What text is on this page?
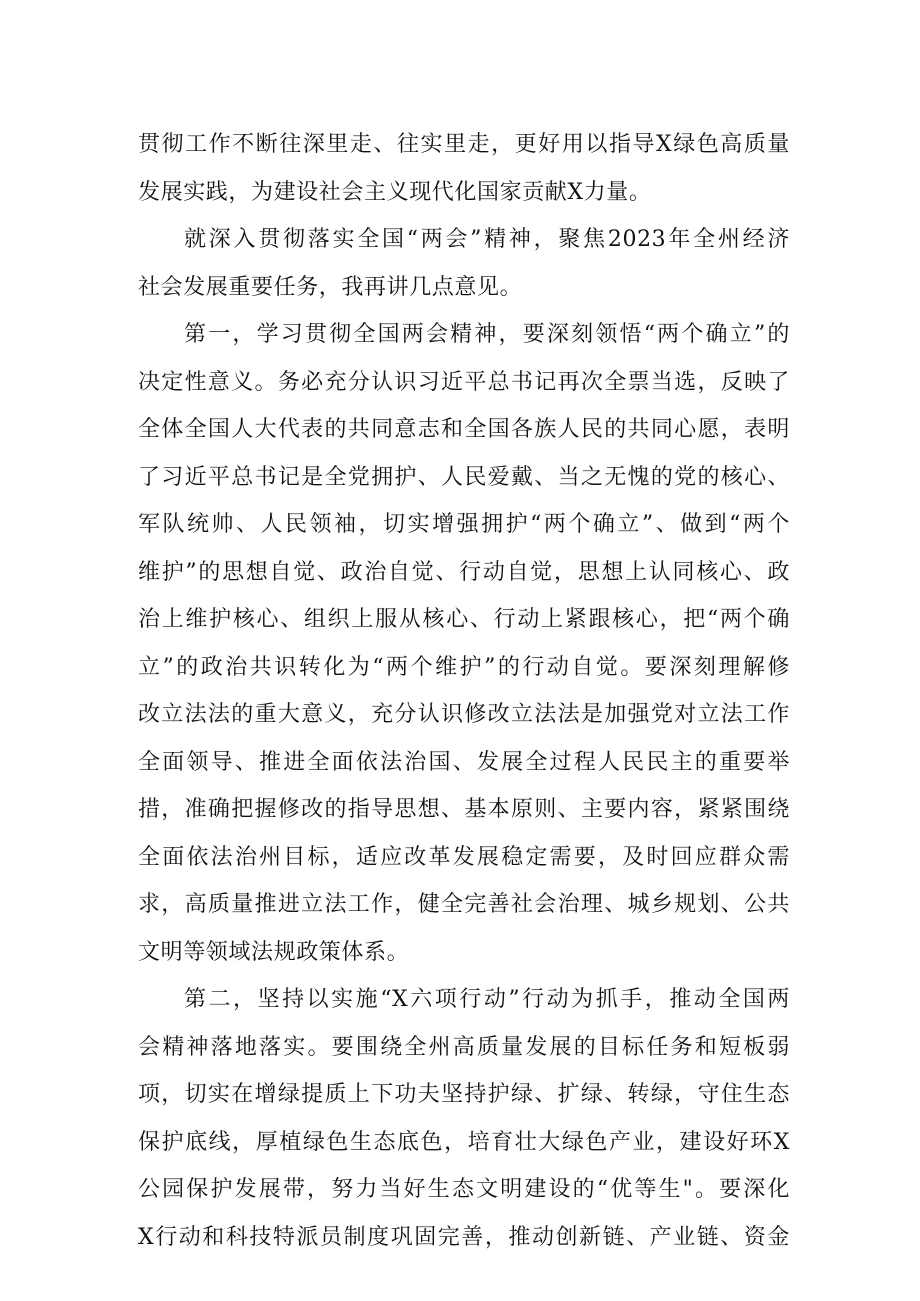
贯彻工作不断往深里走、往实里走，更好用以指导X绿色高质量
发展实践，为建设社会主义现代化国家贡献X力量。
就深入贯彻落实全国“两会”精神，聚焦2023年全州经济
社会发展重要任务，我再讲几点意见。
第一，学习贯彻全国两会精神，要深刻领悟“两个确立”的
决定性意义。务必充分认识习近平总书记再次全票当选，反映了
全体全国人大代表的共同意志和全国各族人民的共同心愿，表明
了习近平总书记是全党拥护、人民爱戴、当之无愧的党的核心、
军队统帅、人民领袖，切实增强拥护“两个确立”、做到“两个
维护”的思想自觉、政治自觉、行动自觉，思想上认同核心、政
治上维护核心、组织上服从核心、行动上紧跟核心，把“两个确
立”的政治共识转化为“两个维护”的行动自觉。要深刻理解修
改立法法的重大意义，充分认识修改立法法是加强党对立法工作
全面领导、推进全面依法治国、发展全过程人民民主的重要举
措，准确把握修改的指导思想、基本原则、主要内容，紧紧围绕
全面依法治州目标，适应改革发展稳定需要，及时回应群众需
求，高质量推进立法工作，健全完善社会治理、城乡规划、公共
文明等领域法规政策体系。
第二，坚持以实施“X六项行动”行动为抓手，推动全国两
会精神落地落实。要围绕全州高质量发展的目标任务和短板弱
项，切实在增绿提质上下功夫坚持护绿、扩绿、转绿，守住生态
保护底线，厚植绿色生态底色，培育壮大绿色产业，建设好环X
公园保护发展带，努力当好生态文明建设的“优等生"。要深化
X行动和科技特派员制度巩固完善，推动创新链、产业链、资金
